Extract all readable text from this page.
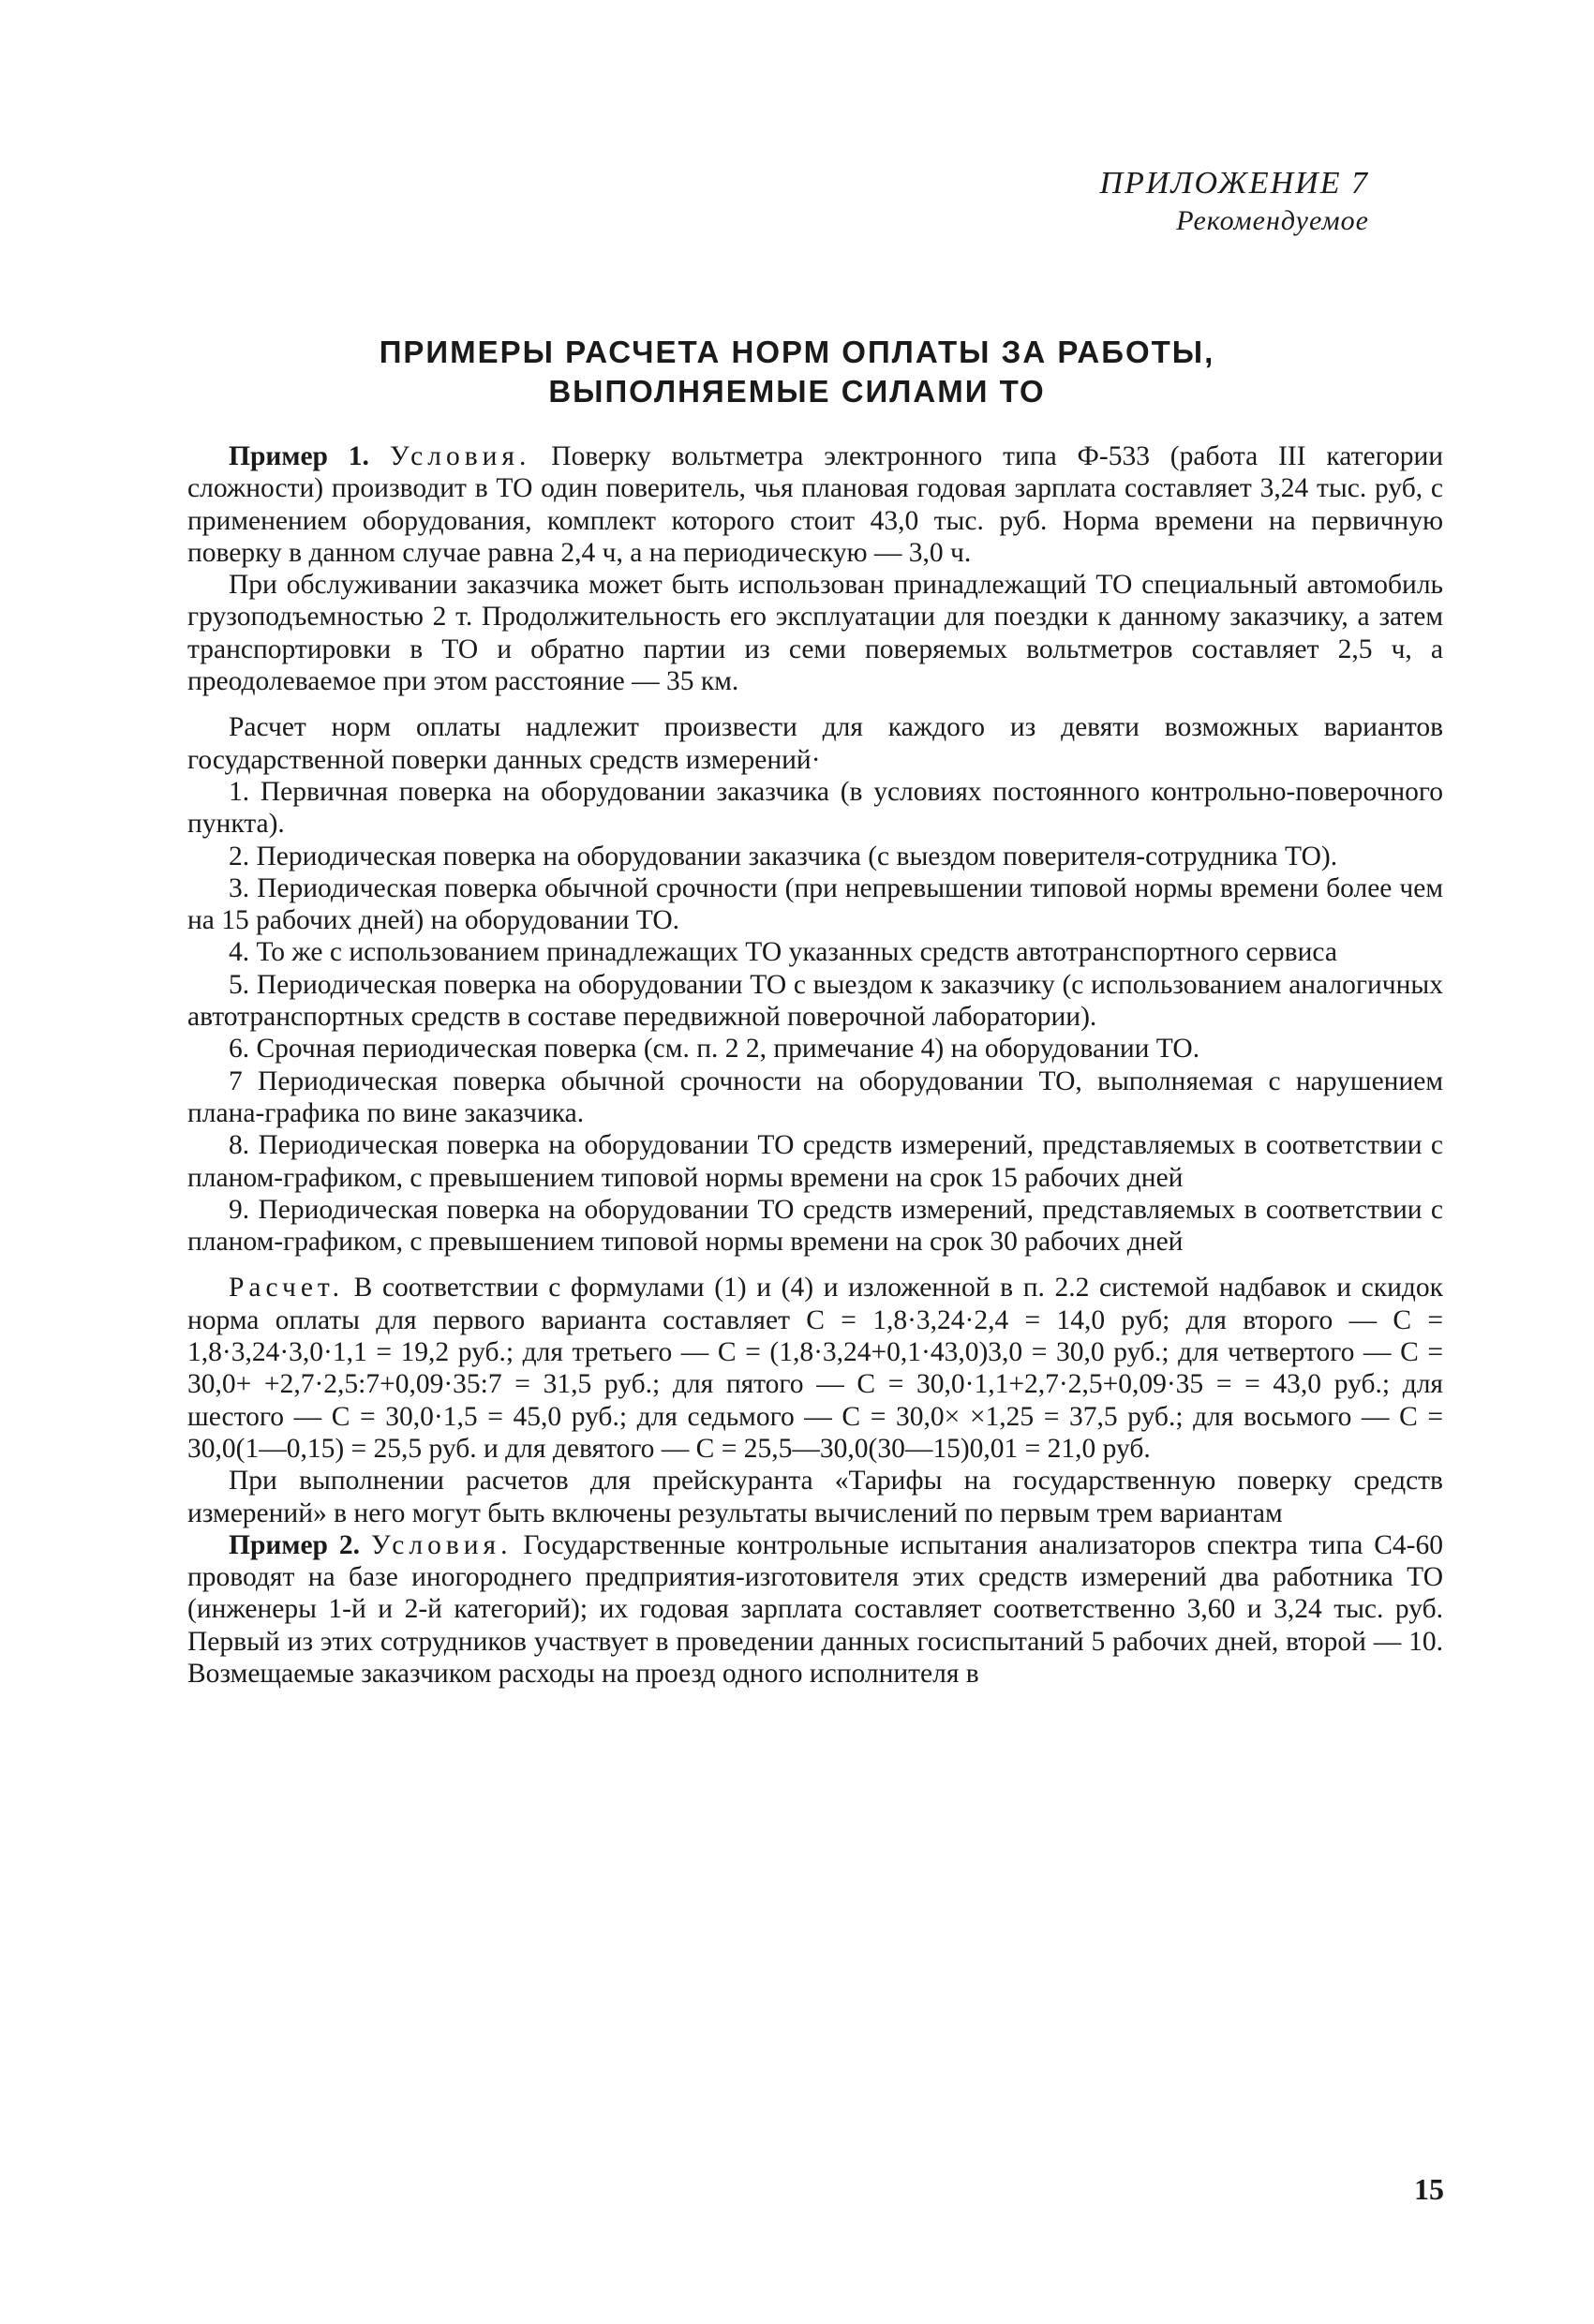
ПРИЛОЖЕНИЕ 7
Рекомендуемое
ПРИМЕРЫ РАСЧЕТА НОРМ ОПЛАТЫ ЗА РАБОТЫ,
ВЫПОЛНЯЕМЫЕ СИЛАМИ ТО

Пример 1. Условия. Поверку вольтметра электронного типа Ф-533 (работа III категории сложности) производит в ТО один поверитель, чья плановая годовая зарплата составляет 3,24 тыс. руб, с применением оборудования, комплект которого стоит 43,0 тыс. руб. Норма времени на первичную поверку в данном случае равна 2,4 ч, а на периодическую — 3,0 ч.

При обслуживании заказчика может быть использован принадлежащий ТО специальный автомобиль грузоподъемностью 2 т. Продолжительность его эксплуатации для поездки к данному заказчику, а затем транспортировки в ТО и обратно партии из семи поверяемых вольтметров составляет 2,5 ч, а преодолеваемое при этом расстояние — 35 км.

Расчет норм оплаты надлежит произвести для каждого из девяти возможных вариантов государственной поверки данных средств измерений·

1. Первичная поверка на оборудовании заказчика (в условиях постоянного контрольно-поверочного пункта).

2. Периодическая поверка на оборудовании заказчика (с выездом поверителя-сотрудника ТО).

3. Периодическая поверка обычной срочности (при непревышении типовой нормы времени более чем на 15 рабочих дней) на оборудовании ТО.

4. То же с использованием принадлежащих ТО указанных средств автотранспортного сервиса

5. Периодическая поверка на оборудовании ТО с выездом к заказчику (с использованием аналогичных автотранспортных средств в составе передвижной поверочной лаборатории).

6. Срочная периодическая поверка (см. п. 2 2, примечание 4) на оборудовании ТО.

7 Периодическая поверка обычной срочности на оборудовании ТО, выполняемая с нарушением плана-графика по вине заказчика.

8. Периодическая поверка на оборудовании ТО средств измерений, представляемых в соответствии с планом-графиком, с превышением типовой нормы времени на срок 15 рабочих дней

9. Периодическая поверка на оборудовании ТО средств измерений, представляемых в соответствии с планом-графиком, с превышением типовой нормы времени на срок 30 рабочих дней

Расчет. В соответствии с формулами (1) и (4) и изложенной в п. 2.2 системой надбавок и скидок норма оплаты для первого варианта составляет C = 1,8·3,24·2,4 = 14,0 руб; для второго — C = 1,8·3,24·3,0·1,1 = 19,2 руб.; для третьего — C = (1,8·3,24+0,1·43,0)3,0 = 30,0 руб.; для четвертого — C = 30,0+ +2,7·2,5:7+0,09·35:7 = 31,5 руб.; для пятого — C = 30,0·1,1+2,7·2,5+0,09·35 = = 43,0 руб.; для шестого — C = 30,0·1,5 = 45,0 руб.; для седьмого — C = 30,0× ×1,25 = 37,5 руб.; для восьмого — C = 30,0(1—0,15) = 25,5 руб. и для девятого — C = 25,5—30,0(30—15)0,01 = 21,0 руб.

При выполнении расчетов для прейскуранта «Тарифы на государственную поверку средств измерений» в него могут быть включены результаты вычислений по первым трем вариантам

Пример 2. Условия. Государственные контрольные испытания анализаторов спектра типа С4-60 проводят на базе иногороднего предприятия-изготовителя этих средств измерений два работника ТО (инженеры 1-й и 2-й категорий); их годовая зарплата составляет соответственно 3,60 и 3,24 тыс. руб. Первый из этих сотрудников участвует в проведении данных госиспытаний 5 рабочих дней, второй — 10. Возмещаемые заказчиком расходы на проезд одного исполнителя в

15
